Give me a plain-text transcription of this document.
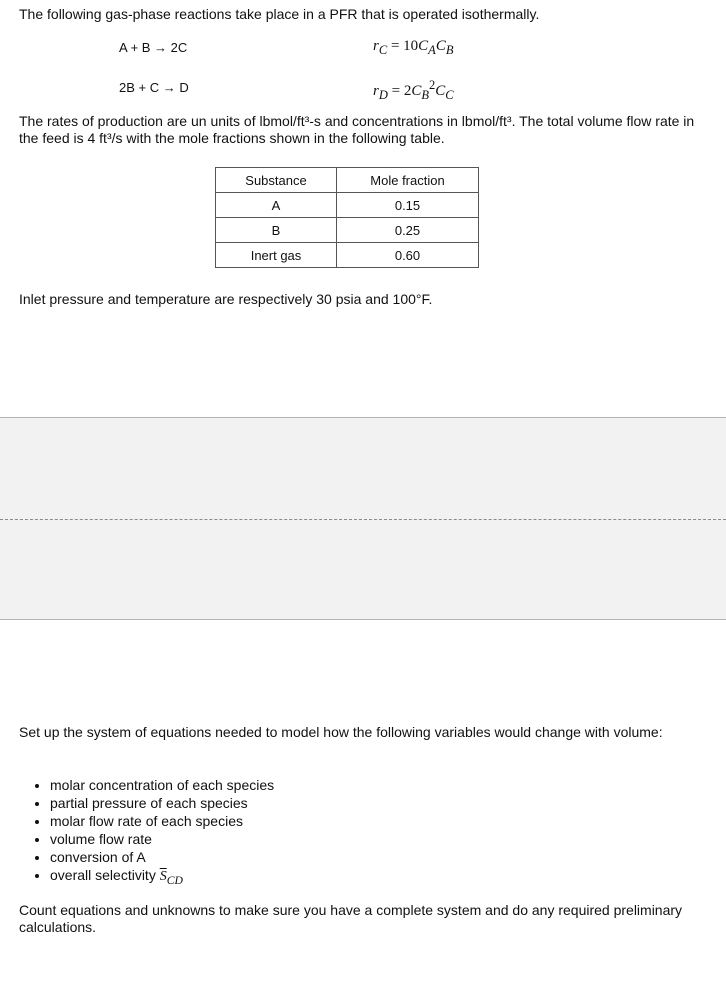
The following gas-phase reactions take place in a PFR that is operated isothermally.
A + B → 2C	$r_C = 10C_AC_B$
2B + C → D	$r_D = 2C_B^2C_C$
The rates of production are un units of lbmol/ft³-s and concentrations in lbmol/ft³. The total volume flow rate in the feed is 4 ft³/s with the mole fractions shown in the following table.
Substance	Mole fraction
A	0.15
B	0.25
Inert gas	0.60
Inlet pressure and temperature are respectively 30 psia and 100°F.
Set up the system of equations needed to model how the following variables would change with volume:
• molar concentration of each species
• partial pressure of each species
• molar flow rate of each species
• volume flow rate
• conversion of A
• overall selectivity $\overline{S}_{CD}$
Count equations and unknowns to make sure you have a complete system and do any required preliminary calculations.
